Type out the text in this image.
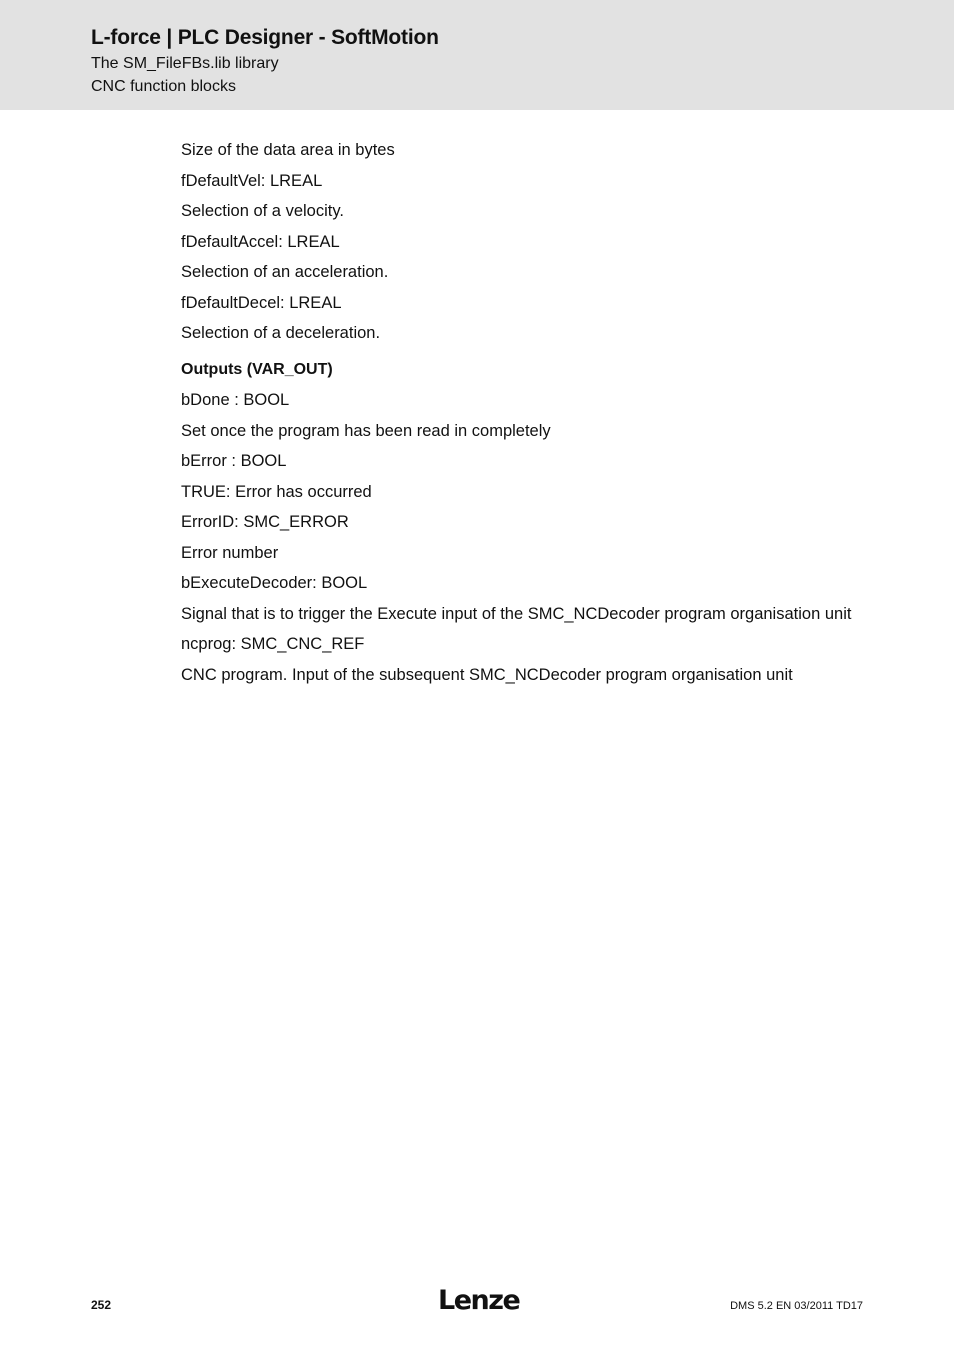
L-force | PLC Designer - SoftMotion
The SM_FileFBs.lib library
CNC function blocks

Size of the data area in bytes

fDefaultVel: LREAL

Selection of a velocity.

fDefaultAccel: LREAL

Selection of an acceleration.

fDefaultDecel: LREAL

Selection of a deceleration.

Outputs (VAR_OUT)

bDone : BOOL

Set once the program has been read in completely

bError : BOOL

TRUE: Error has occurred

ErrorID: SMC_ERROR

Error number

bExecuteDecoder: BOOL

Signal that is to trigger the Execute input of the SMC_NCDecoder program organisation unit

ncprog: SMC_CNC_REF

CNC program. Input of the subsequent SMC_NCDecoder program organisation unit

252	Lenze	DMS 5.2 EN 03/2011 TD17
